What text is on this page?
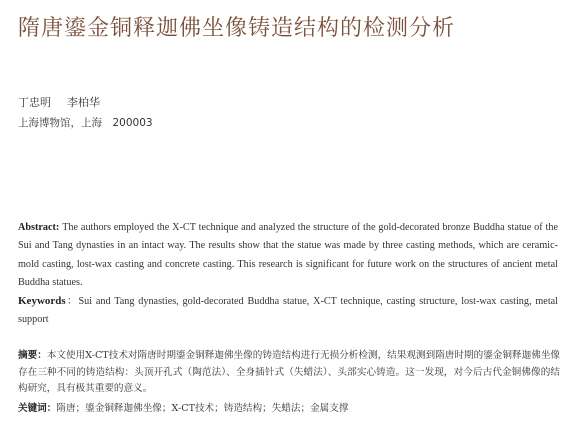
隋唐鎏金铜释迦佛坐像铸造结构的检测分析
丁忠明 李柏华
上海博物馆，上海　200003
Abstract: The authors employed the X-CT technique and analyzed the structure of the gold-decorated bronze Buddha statue of the Sui and Tang dynasties in an intact way. The results show that the statue was made by three casting methods, which are ceramic-mold casting, lost-wax casting and concrete casting. This research is significant for future work on the structures of ancient metal Buddha statues.
Keywords：Sui and Tang dynasties, gold-decorated Buddha statue, X-CT technique, casting structure, lost-wax casting, metal support
摘要：本文使用X-CT技术对隋唐时期鎏金铜释迦佛坐像的铸造结构进行无损分析检测，结果观测到隋唐时期的鎏金铜释迦佛坐像存在三种不同的铸造结构：头顶开孔式（陶范法）、全身插针式（失蜡法）、头部实心铸造。这一发现，对今后古代金铜佛像的结构研究，具有极其重要的意义。
关键词：隋唐；鎏金铜释迦佛坐像；X-CT技术；铸造结构；失蜡法；金属支撑
